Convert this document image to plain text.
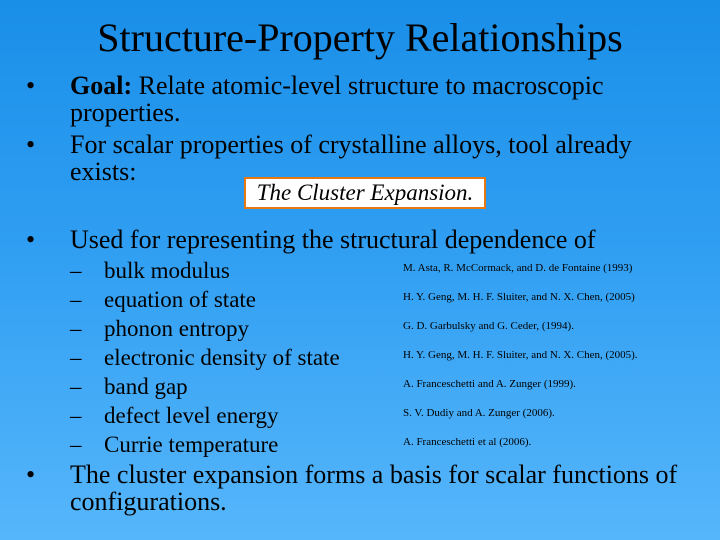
Structure-Property Relationships
• Goal: Relate atomic-level structure to macroscopic properties.
• For scalar properties of crystalline alloys, tool already exists:
The Cluster Expansion.
• Used for representing the structural dependence of
– bulk modulus
– equation of state
– phonon entropy
– electronic density of state
– band gap
– defect level energy
– Currie temperature
M. Asta, R. McCormack, and D. de Fontaine (1993)
H. Y. Geng, M. H. F. Sluiter, and N. X. Chen, (2005)
G. D. Garbulsky and G. Ceder, (1994).
H. Y. Geng, M. H. F. Sluiter, and N. X. Chen, (2005).
A. Franceschetti and A. Zunger (1999).
S. V. Dudiy and A. Zunger (2006).
A. Franceschetti et al (2006).
• The cluster expansion forms a basis for scalar functions of configurations.
